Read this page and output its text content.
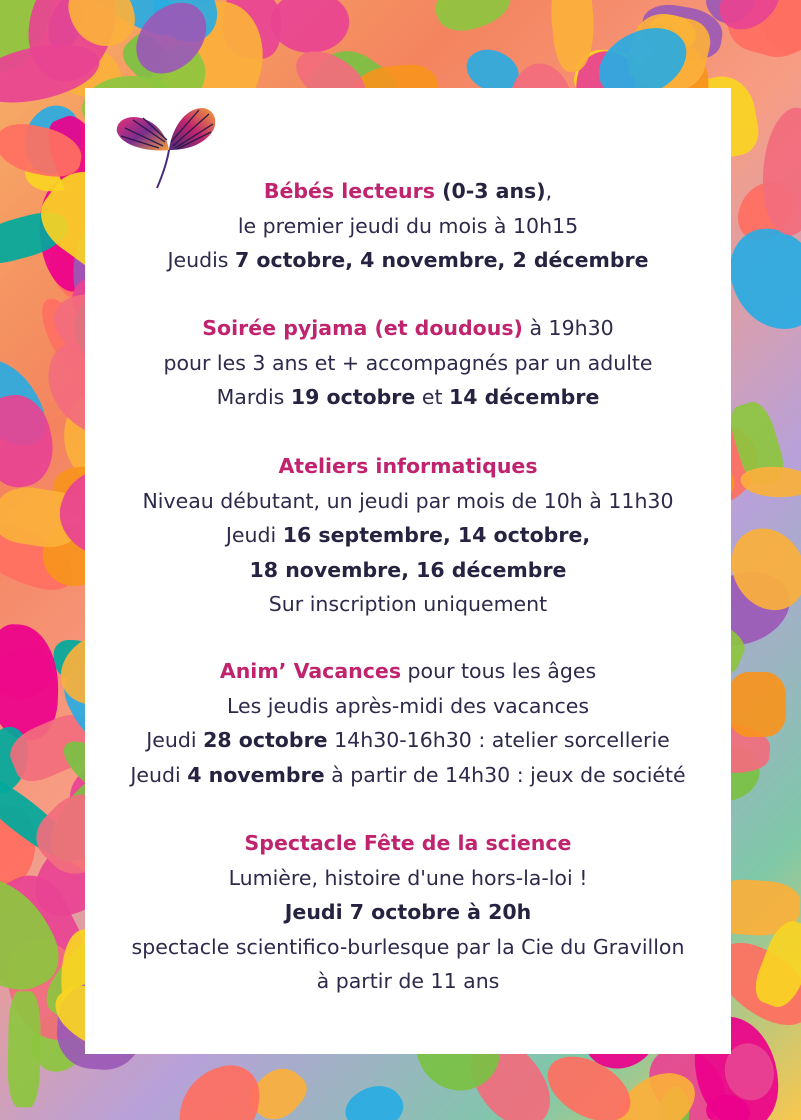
Bébés lecteurs (0-3 ans),
le premier jeudi du mois à 10h15
Jeudis 7 octobre, 4 novembre, 2 décembre
Soirée pyjama (et doudous) à 19h30
pour les 3 ans et + accompagnés par un adulte
Mardis 19 octobre et 14 décembre
Ateliers informatiques
Niveau débutant, un jeudi par mois de 10h à 11h30
Jeudi 16 septembre, 14 octobre,
18 novembre, 16 décembre
Sur inscription uniquement
Anim’ Vacances pour tous les âges
Les jeudis après-midi des vacances
Jeudi 28 octobre 14h30-16h30 : atelier sorcellerie
Jeudi 4 novembre à partir de 14h30 : jeux de société
Spectacle Fête de la science
Lumière, histoire d'une hors-la-loi !
Jeudi 7 octobre à 20h
spectacle scientifico-burlesque par la Cie du Gravillon
à partir de 11 ans
